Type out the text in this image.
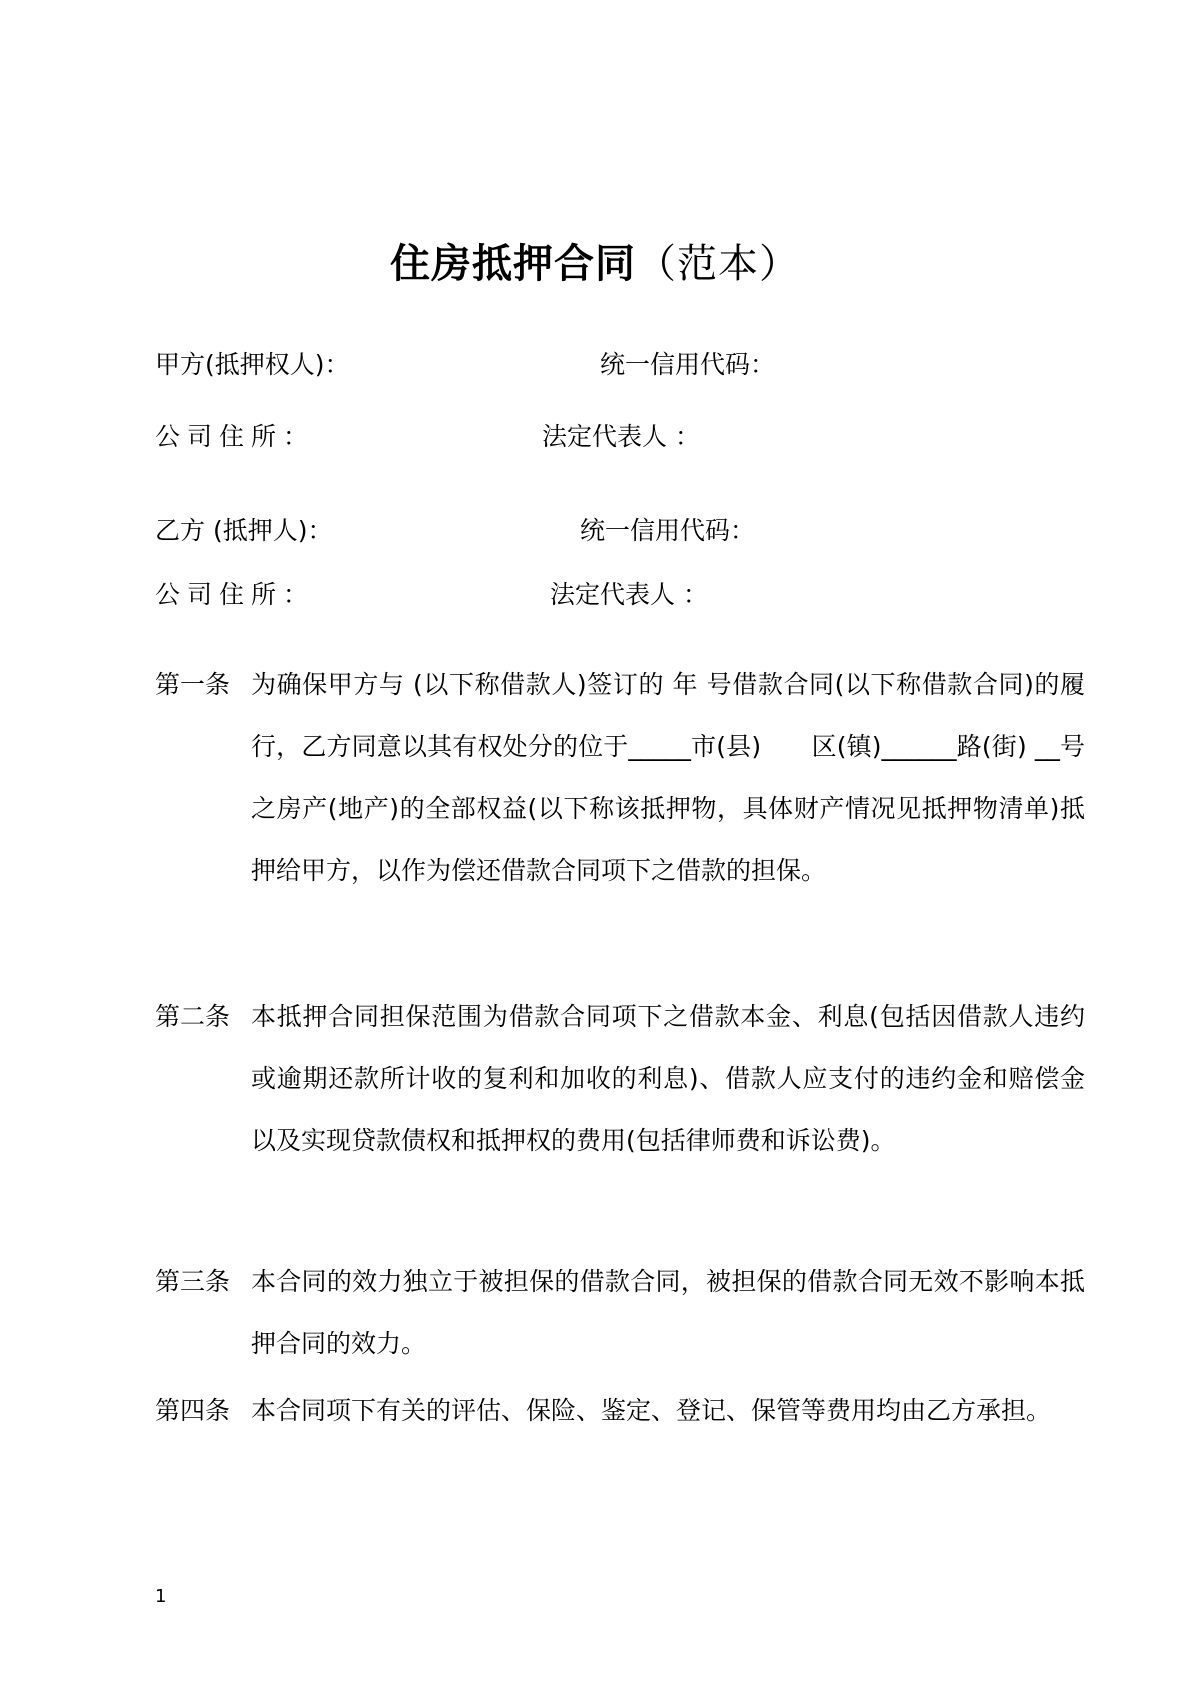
住房抵押合同（范本）
甲方(抵押权人)：	统一信用代码：
公司住所：	法定代表人 ：
乙方 (抵押人)：	统一信用代码：
公司住所：	法定代表人 ：
第一条 为确保甲方与 (以下称借款人)签订的 年 号借款合同(以下称借款合同)的履行，乙方同意以其有权处分的位于_____市(县)　　区(镇)______路(街) __号之房产(地产)的全部权益(以下称该抵押物，具体财产情况见抵押物清单)抵押给甲方，以作为偿还借款合同项下之借款的担保。
第二条 本抵押合同担保范围为借款合同项下之借款本金、利息(包括因借款人违约或逾期还款所计收的复利和加收的利息)、借款人应支付的违约金和赔偿金以及实现贷款债权和抵押权的费用(包括律师费和诉讼费)。
第三条 本合同的效力独立于被担保的借款合同，被担保的借款合同无效不影响本抵押合同的效力。
第四条 本合同项下有关的评估、保险、鉴定、登记、保管等费用均由乙方承担。
1
